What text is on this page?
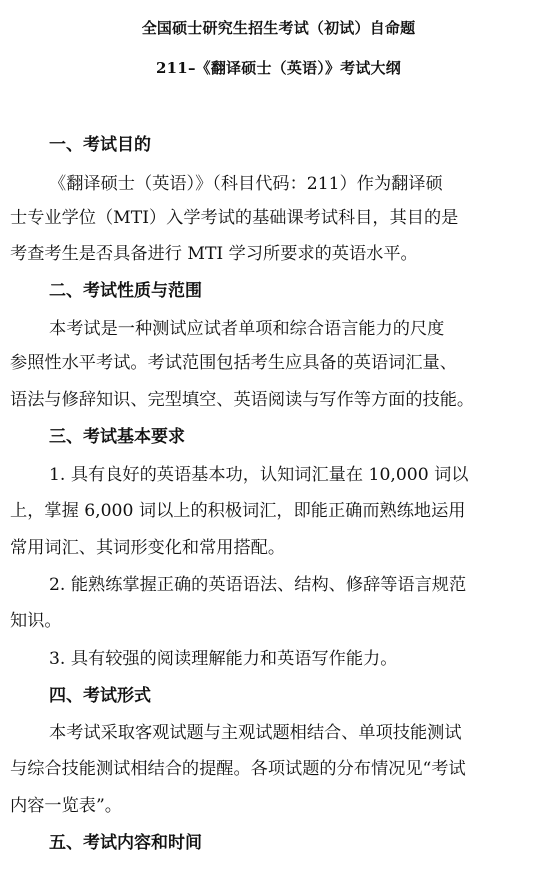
全国硕士研究生招生考试（初试）自命题
211–《翻译硕士（英语）》考试大纲
一、考试目的
《翻译硕士（英语）》（科目代码：211）作为翻译硕
士专业学位（MTI）入学考试的基础课考试科目，其目的是
考查考生是否具备进行 MTI 学习所要求的英语水平。
二、考试性质与范围
本考试是一种测试应试者单项和综合语言能力的尺度
参照性水平考试。考试范围包括考生应具备的英语词汇量、
语法与修辞知识、完型填空、英语阅读与写作等方面的技能。
三、考试基本要求
1. 具有良好的英语基本功，认知词汇量在 10,000 词以
上，掌握 6,000 词以上的积极词汇，即能正确而熟练地运用
常用词汇、其词形变化和常用搭配。
2. 能熟练掌握正确的英语语法、结构、修辞等语言规范
知识。
3. 具有较强的阅读理解能力和英语写作能力。
四、考试形式
本考试采取客观试题与主观试题相结合、单项技能测试
与综合技能测试相结合的提醒。各项试题的分布情况见“考试
内容一览表”。
五、考试内容和时间
